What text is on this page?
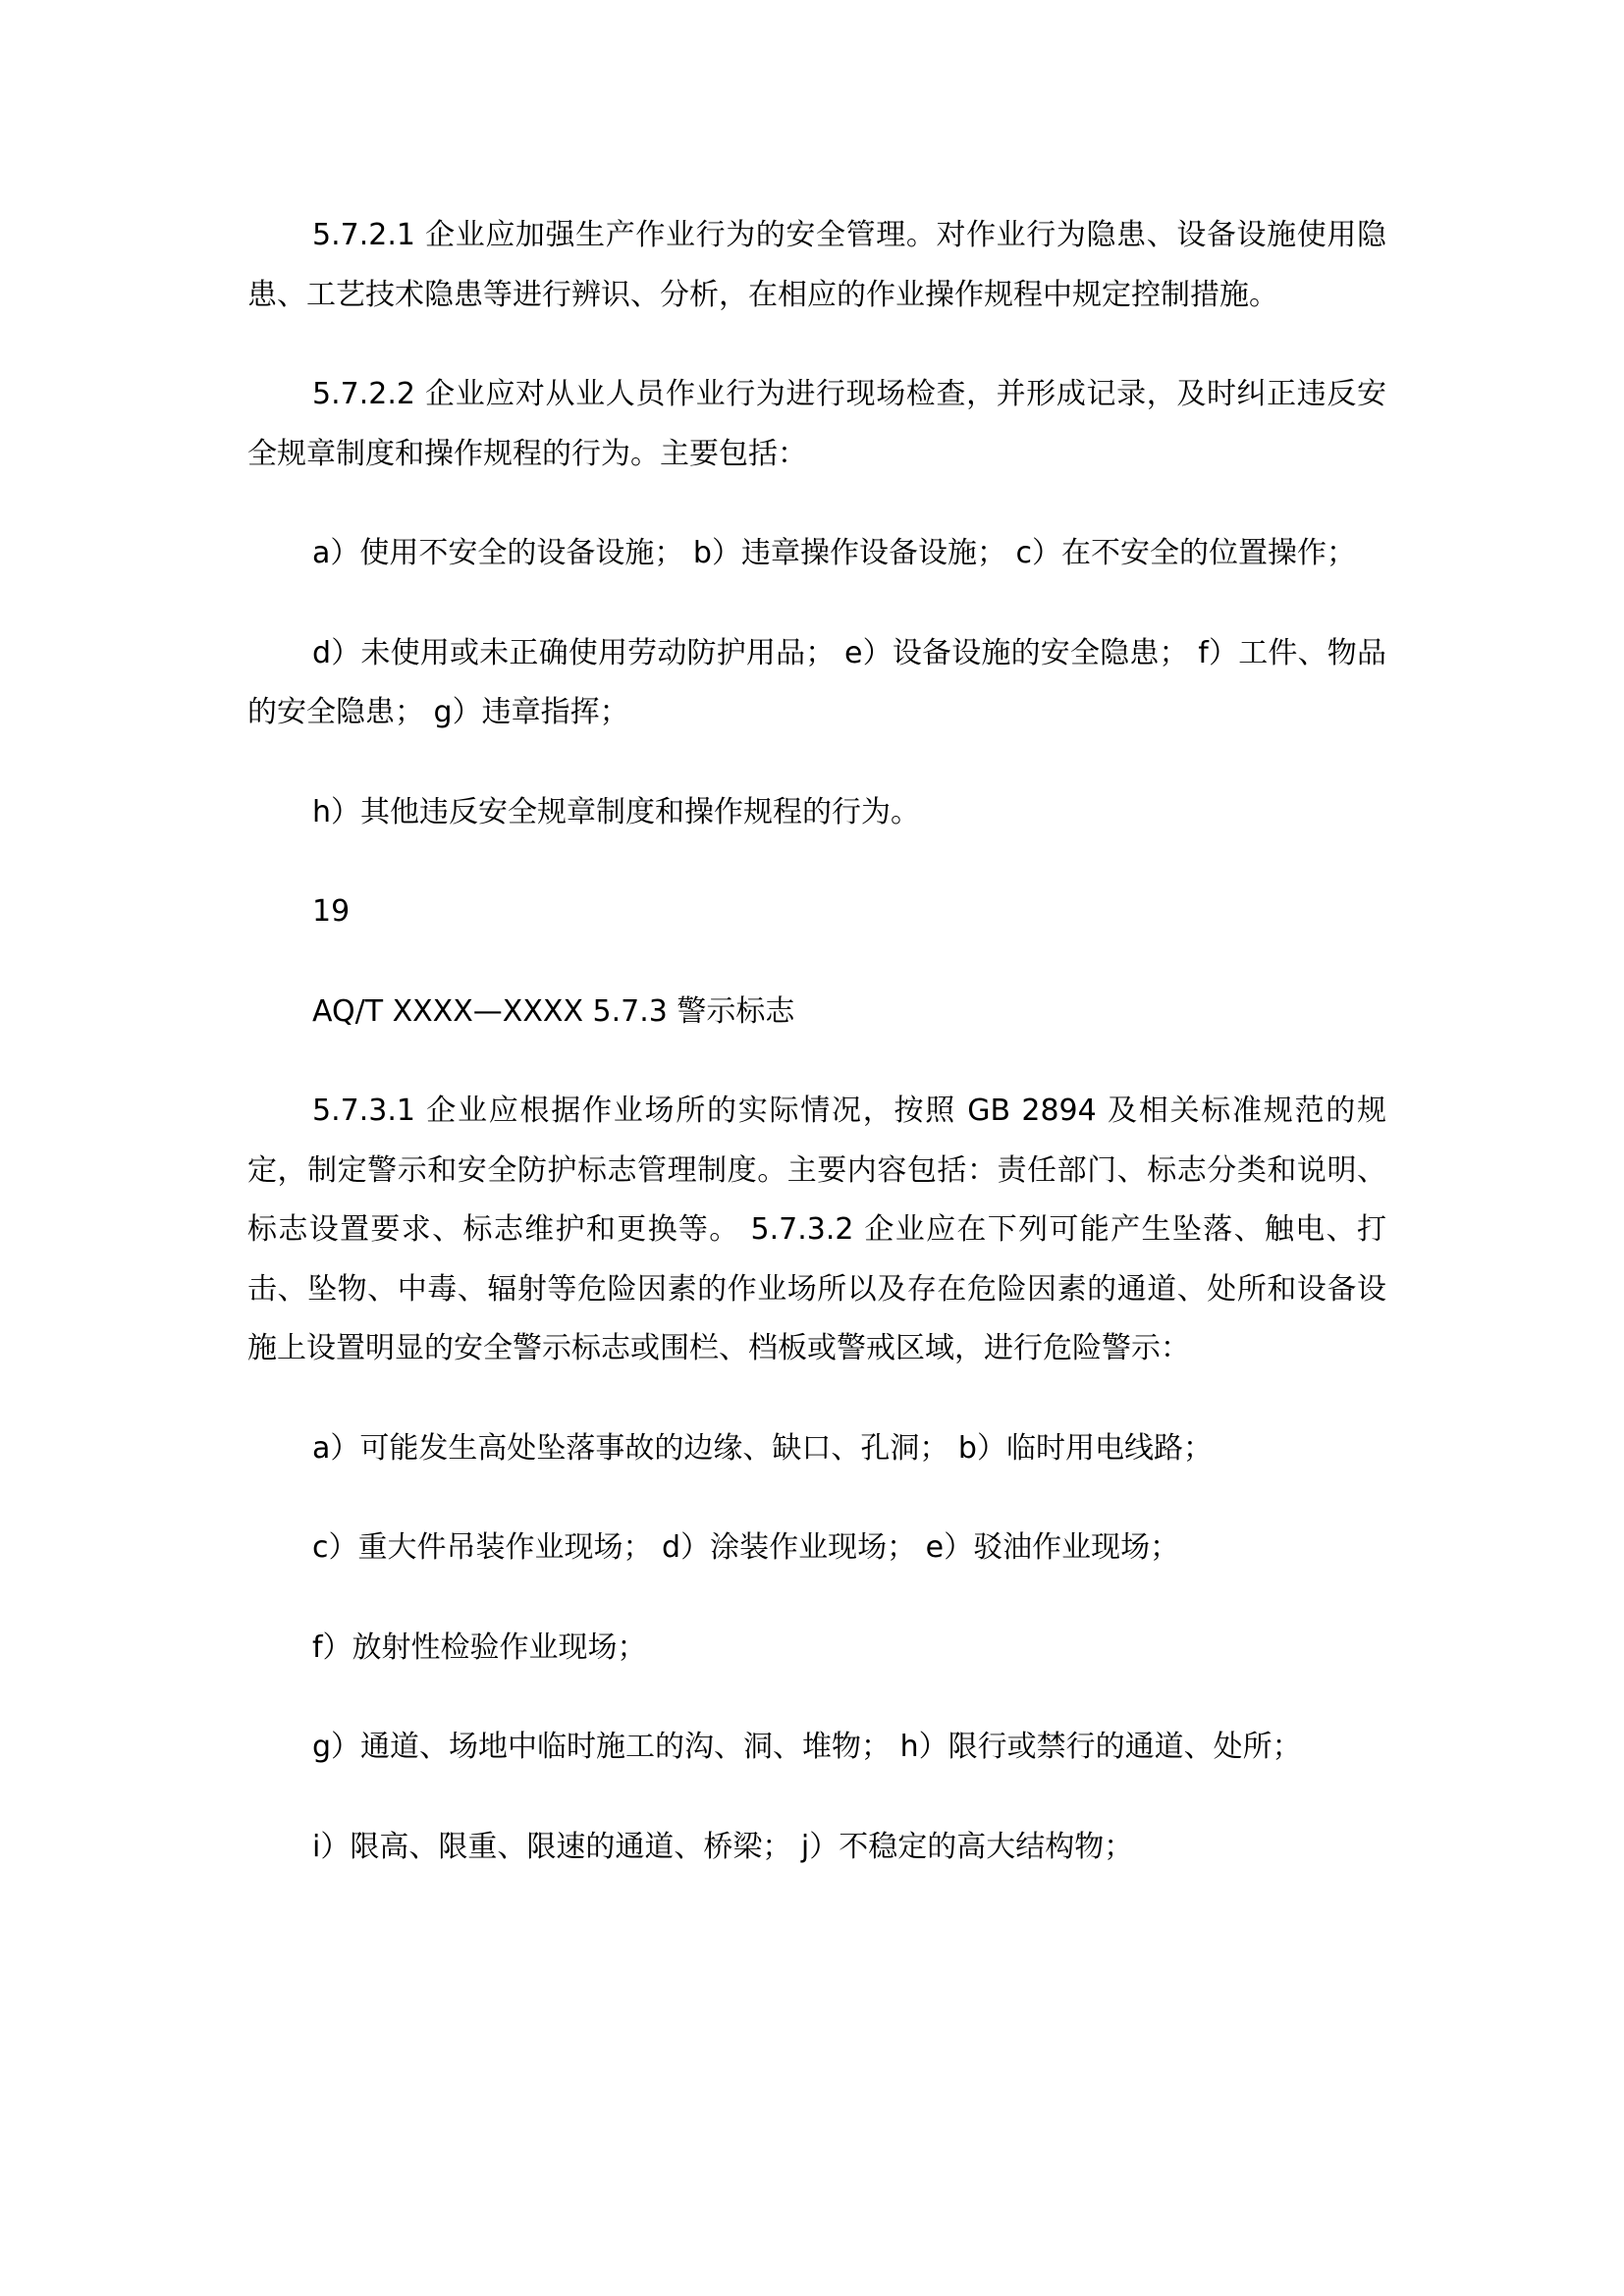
5.7.2.1 企业应加强生产作业行为的安全管理。对作业行为隐患、设备设施使用隐患、工艺技术隐患等进行辨识、分析，在相应的作业操作规程中规定控制措施。

5.7.2.2 企业应对从业人员作业行为进行现场检查，并形成记录，及时纠正违反安全规章制度和操作规程的行为。主要包括：

a）使用不安全的设备设施； b）违章操作设备设施； c）在不安全的位置操作；

d）未使用或未正确使用劳动防护用品； e）设备设施的安全隐患； f）工件、物品的安全隐患； g）违章指挥；

h）其他违反安全规章制度和操作规程的行为。

19

AQ/T XXXX—XXXX 5.7.3 警示标志

5.7.3.1 企业应根据作业场所的实际情况，按照 GB 2894 及相关标准规范的规定，制定警示和安全防护标志管理制度。主要内容包括：责任部门、标志分类和说明、标志设置要求、标志维护和更换等。 5.7.3.2 企业应在下列可能产生坠落、触电、打击、坠物、中毒、辐射等危险因素的作业场所以及存在危险因素的通道、处所和设备设施上设置明显的安全警示标志或围栏、档板或警戒区域，进行危险警示：

a）可能发生高处坠落事故的边缘、缺口、孔洞； b）临时用电线路；

c）重大件吊装作业现场； d）涂装作业现场； e）驳油作业现场；

f）放射性检验作业现场；

g）通道、场地中临时施工的沟、洞、堆物； h）限行或禁行的通道、处所；

i）限高、限重、限速的通道、桥梁； j）不稳定的高大结构物；
